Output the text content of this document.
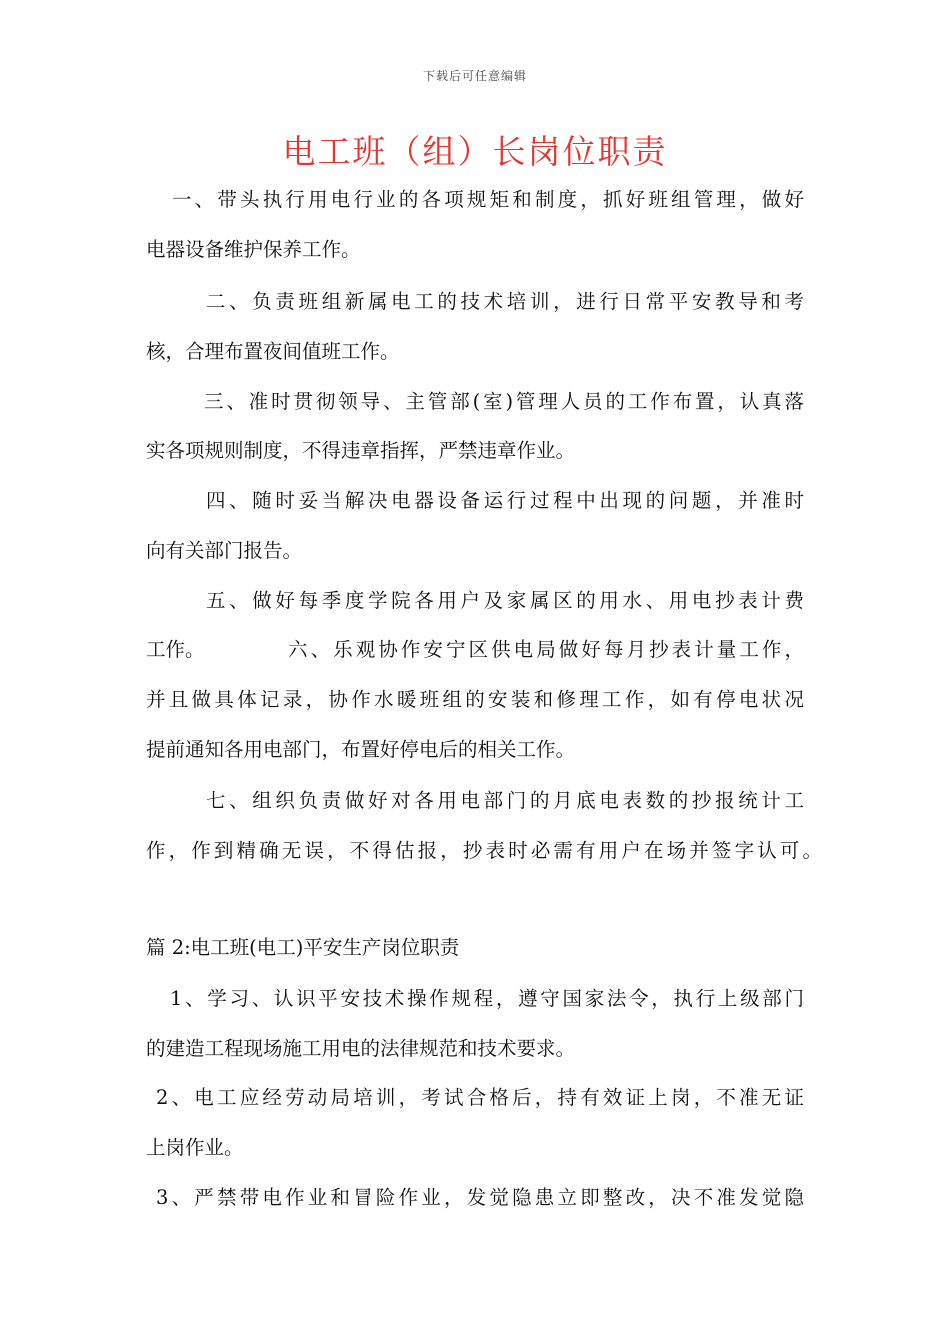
下载后可任意编辑
电工班（组）长岗位职责
一、带头执行用电行业的各项规矩和制度，抓好班组管理，做好
电器设备维护保养工作。
二、负责班组新属电工的技术培训，进行日常平安教导和考
核，合理布置夜间值班工作。
三、准时贯彻领导、主管部(室)管理人员的工作布置，认真落
实各项规则制度，不得违章指挥，严禁违章作业。
四、随时妥当解决电器设备运行过程中出现的问题，并准时
向有关部门报告。
五、做好每季度学院各用户及家属区的用水、用电抄表计费
工作。	六、乐观协作安宁区供电局做好每月抄表计量工作，
并且做具体记录，协作水暖班组的安装和修理工作，如有停电状况
提前通知各用电部门，布置好停电后的相关工作。
七、组织负责做好对各用电部门的月底电表数的抄报统计工
作，作到精确无误，不得估报，抄表时必需有用户在场并签字认可。
篇 2:电工班(电工)平安生产岗位职责
1、学习、认识平安技术操作规程，遵守国家法令，执行上级部门
的建造工程现场施工用电的法律规范和技术要求。
2、电工应经劳动局培训，考试合格后，持有效证上岗，不准无证
上岗作业。
3、严禁带电作业和冒险作业，发觉隐患立即整改，决不准发觉隐
